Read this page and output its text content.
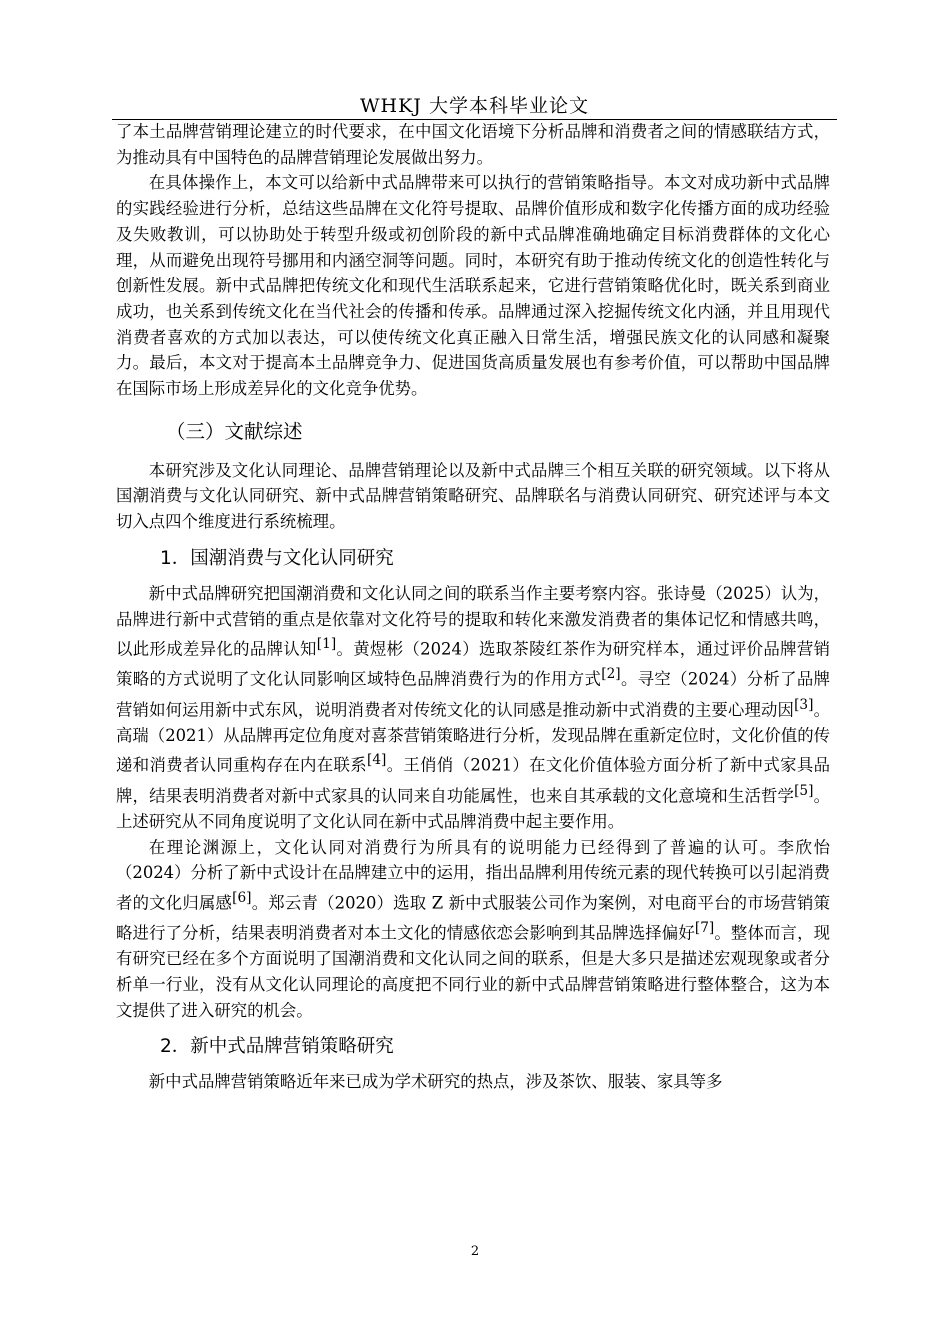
WHKJ 大学本科毕业论文

了本土品牌营销理论建立的时代要求，在中国文化语境下分析品牌和消费者之间的情感联结方式，为推动具有中国特色的品牌营销理论发展做出努力。

在具体操作上，本文可以给新中式品牌带来可以执行的营销策略指导。本文对成功新中式品牌的实践经验进行分析，总结这些品牌在文化符号提取、品牌价值形成和数字化传播方面的成功经验及失败教训，可以协助处于转型升级或初创阶段的新中式品牌准确地确定目标消费群体的文化心理，从而避免出现符号挪用和内涵空洞等问题。同时，本研究有助于推动传统文化的创造性转化与创新性发展。新中式品牌把传统文化和现代生活联系起来，它进行营销策略优化时，既关系到商业成功，也关系到传统文化在当代社会的传播和传承。品牌通过深入挖掘传统文化内涵，并且用现代消费者喜欢的方式加以表达，可以使传统文化真正融入日常生活，增强民族文化的认同感和凝聚力。最后，本文对于提高本土品牌竞争力、促进国货高质量发展也有参考价值，可以帮助中国品牌在国际市场上形成差异化的文化竞争优势。

（三）文献综述

本研究涉及文化认同理论、品牌营销理论以及新中式品牌三个相互关联的研究领域。以下将从国潮消费与文化认同研究、新中式品牌营销策略研究、品牌联名与消费认同研究、研究述评与本文切入点四个维度进行系统梳理。

1．国潮消费与文化认同研究

新中式品牌研究把国潮消费和文化认同之间的联系当作主要考察内容。张诗曼（2025）认为，品牌进行新中式营销的重点是依靠对文化符号的提取和转化来激发消费者的集体记忆和情感共鸣，以此形成差异化的品牌认知[1]。黄煜彬（2024）选取茶陵红茶作为研究样本，通过评价品牌营销策略的方式说明了文化认同影响区域特色品牌消费行为的作用方式[2]。寻空（2024）分析了品牌营销如何运用新中式东风，说明消费者对传统文化的认同感是推动新中式消费的主要心理动因[3]。高瑞（2021）从品牌再定位角度对喜茶营销策略进行分析，发现品牌在重新定位时，文化价值的传递和消费者认同重构存在内在联系[4]。王俏俏（2021）在文化价值体验方面分析了新中式家具品牌，结果表明消费者对新中式家具的认同来自功能属性，也来自其承载的文化意境和生活哲学[5]。上述研究从不同角度说明了文化认同在新中式品牌消费中起主要作用。

在理论渊源上，文化认同对消费行为所具有的说明能力已经得到了普遍的认可。李欣怡（2024）分析了新中式设计在品牌建立中的运用，指出品牌利用传统元素的现代转换可以引起消费者的文化归属感[6]。郑云青（2020）选取 Z 新中式服装公司作为案例，对电商平台的市场营销策略进行了分析，结果表明消费者对本土文化的情感依恋会影响到其品牌选择偏好[7]。整体而言，现有研究已经在多个方面说明了国潮消费和文化认同之间的联系，但是大多只是描述宏观现象或者分析单一行业，没有从文化认同理论的高度把不同行业的新中式品牌营销策略进行整体整合，这为本文提供了进入研究的机会。

2．新中式品牌营销策略研究

新中式品牌营销策略近年来已成为学术研究的热点，涉及茶饮、服装、家具等多

2
